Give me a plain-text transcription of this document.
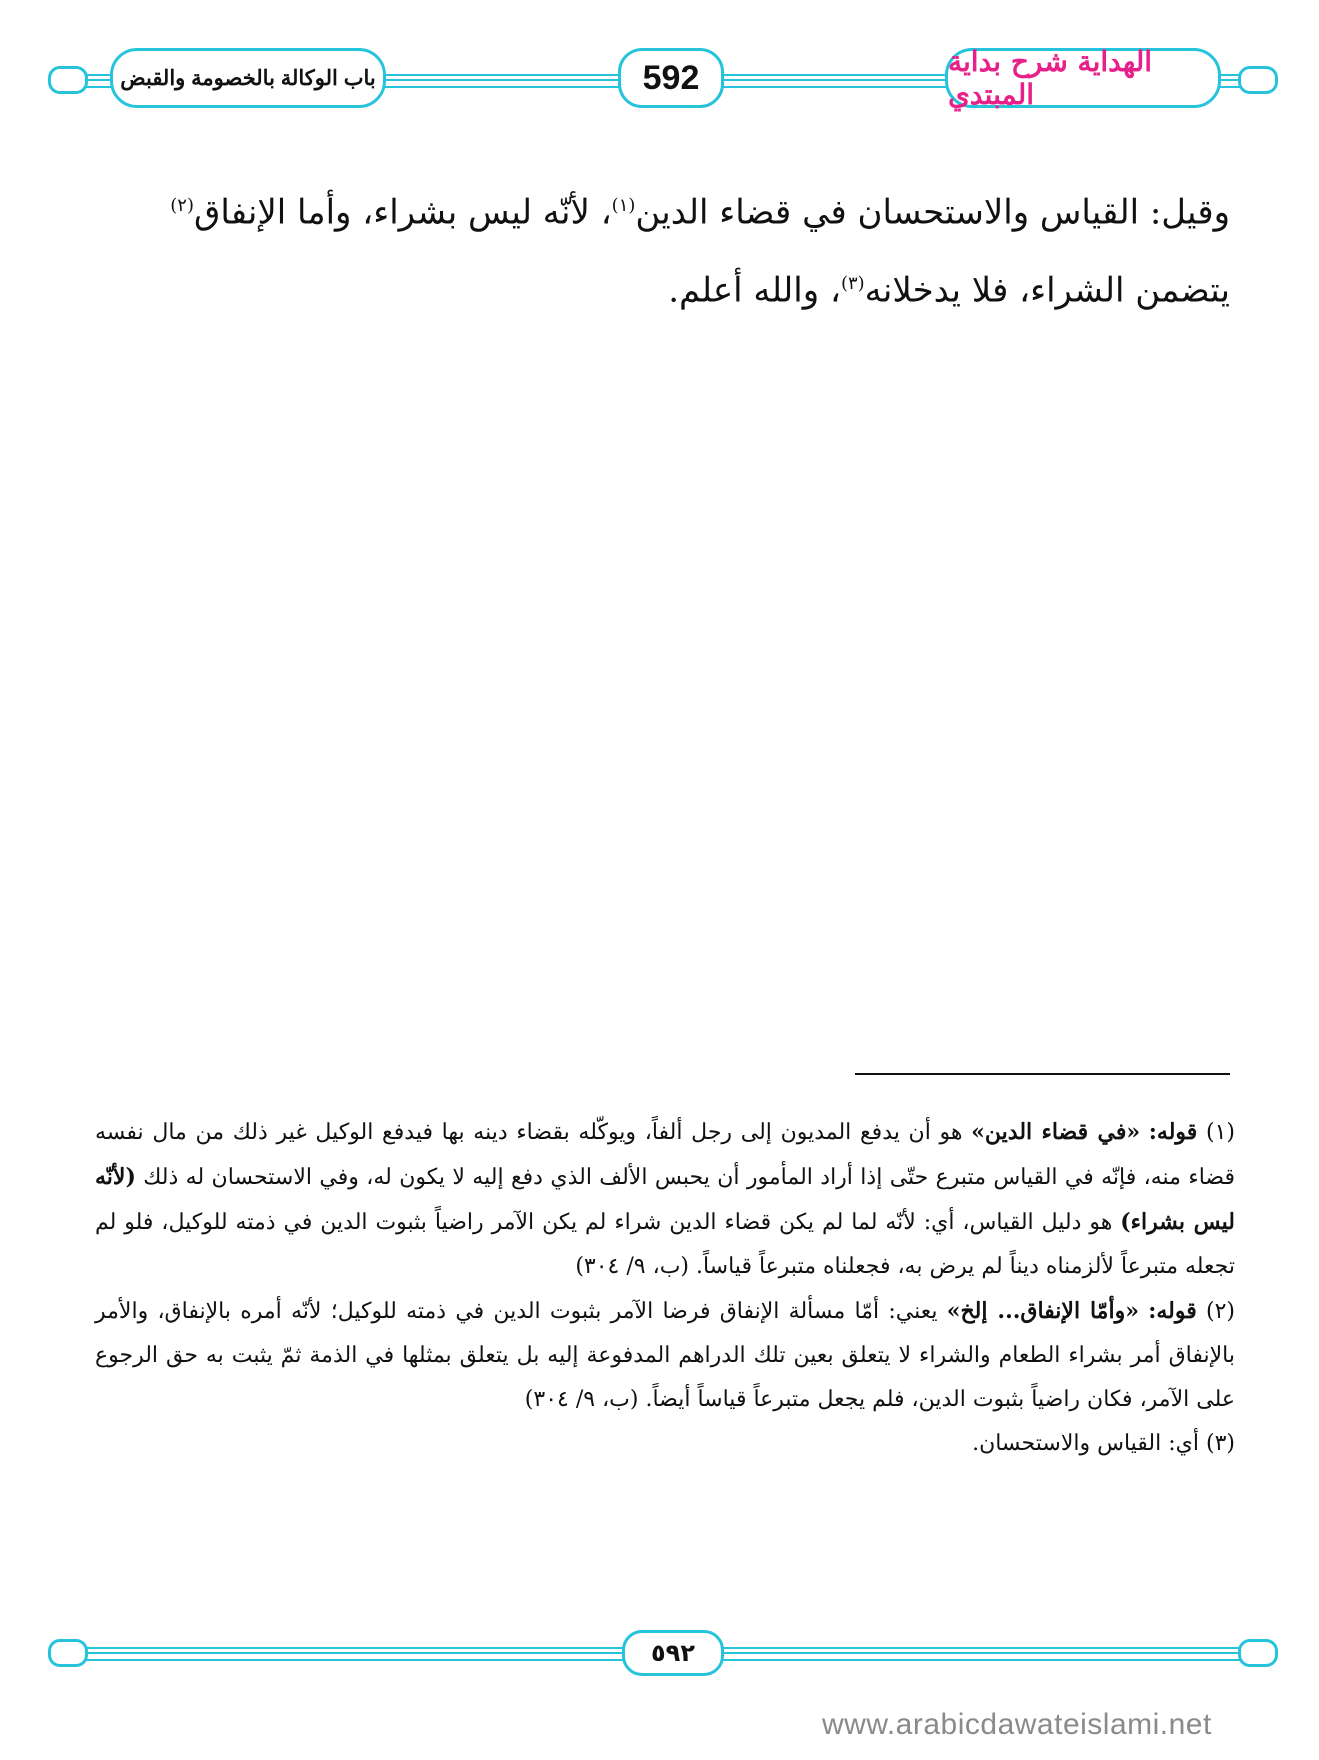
الهداية شرح بداية المبتدي
592
باب الوكالة بالخصومة والقبض
وقيل: القياس والاستحسان في قضاء الدين$^{(١)}$، لأنّه ليس بشراء، وأما الإنفاق$^{(٢)}$ يتضمن الشراء، فلا يدخلانه$^{(٣)}$، والله أعلم.

(١) قوله: «في قضاء الدين» هو أن يدفع المديون إلى رجل ألفاً، ويوكّله بقضاء دينه بها فيدفع الوكيل غير ذلك من مال نفسه قضاء منه، فإنّه في القياس متبرع حتّى إذا أراد المأمور أن يحبس الألف الذي دفع إليه لا يكون له، وفي الاستحسان له ذلك (لأنّه ليس بشراء) هو دليل القياس، أي: لأنّه لما لم يكن قضاء الدين شراء لم يكن الآمر راضياً بثبوت الدين في ذمته للوكيل، فلو لم تجعله متبرعاً لألزمناه ديناً لم يرض به، فجعلناه متبرعاً قياساً. (ب، ٩/ ٣٠٤)

(٢) قوله: «وأمّا الإنفاق... إلخ» يعني: أمّا مسألة الإنفاق فرضا الآمر بثبوت الدين في ذمته للوكيل؛ لأنّه أمره بالإنفاق، والأمر بالإنفاق أمر بشراء الطعام والشراء لا يتعلق بعين تلك الدراهم المدفوعة إليه بل يتعلق بمثلها في الذمة ثمّ يثبت به حق الرجوع على الآمر، فكان راضياً بثبوت الدين، فلم يجعل متبرعاً قياساً أيضاً. (ب، ٩/ ٣٠٤)

(٣) أي: القياس والاستحسان.

٥٩٢
www.arabicdawateislami.net
